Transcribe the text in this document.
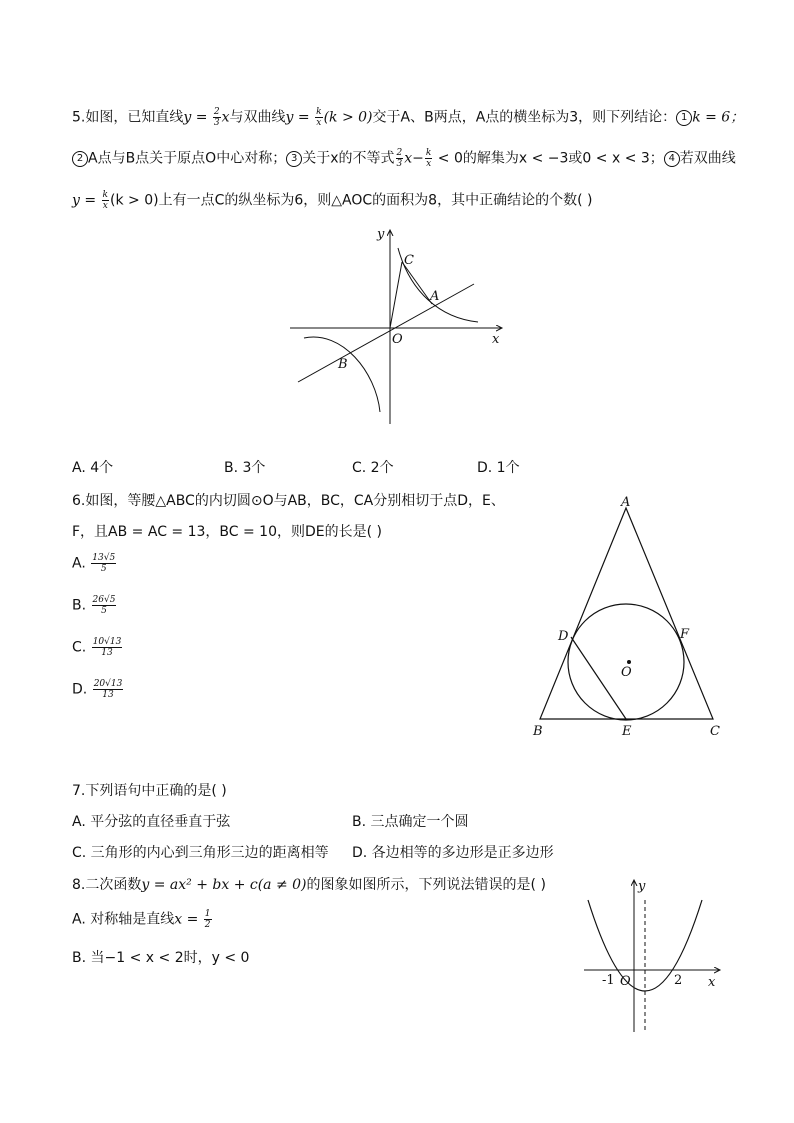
5.如图，已知直线$y = \frac{2}{3}$ x与双曲线$y = \frac{k}{x} (k > 0)$交于A、B两点，A点的横坐标为3，则下列结论： 1 k = 6；
2 A点与B点关于原点O中心对称； 3 关于x的不等式 $\frac{2}{3} x- \frac{k}{x} < 0$的解集为x < −3或0 < x < 3； 4 若双曲线
$y = \frac{k}{x} (k > 0)$上有一点C的纵坐标为6，则△AOC的面积为8，其中正确结论的个数( )
y
x
O
A
B
C
A. 4个	B. 3个	C. 2个	D. 1个
6.如图，等腰△ABC的内切圆⊙O与AB，BC，CA分别相切于点D，E、
F，且AB = AC = 13，BC = 10，则DE的长是( )
A. $\frac{13√5}{5}$
B. $\frac{26√5}{5}$
C. $\frac{10√13}{13}$
D. $\frac{20√13}{13}$
A
B	C
D
E
F
O
7.下列语句中正确的是( )
A. 平分弦的直径垂直于弦	B. 三点确定一个圆
C. 三角形的内心到三角形三边的距离相等 D. 各边相等的多边形是正多边形
8.二次函数y = ax² + bx + c(a ≠ 0)的图象如图所示，下列说法错误的是( )
A. 对称轴是直线$x = \frac{1}{2}$
B. 当−1 < x < 2时，y < 0
y
x
O
-1	2
